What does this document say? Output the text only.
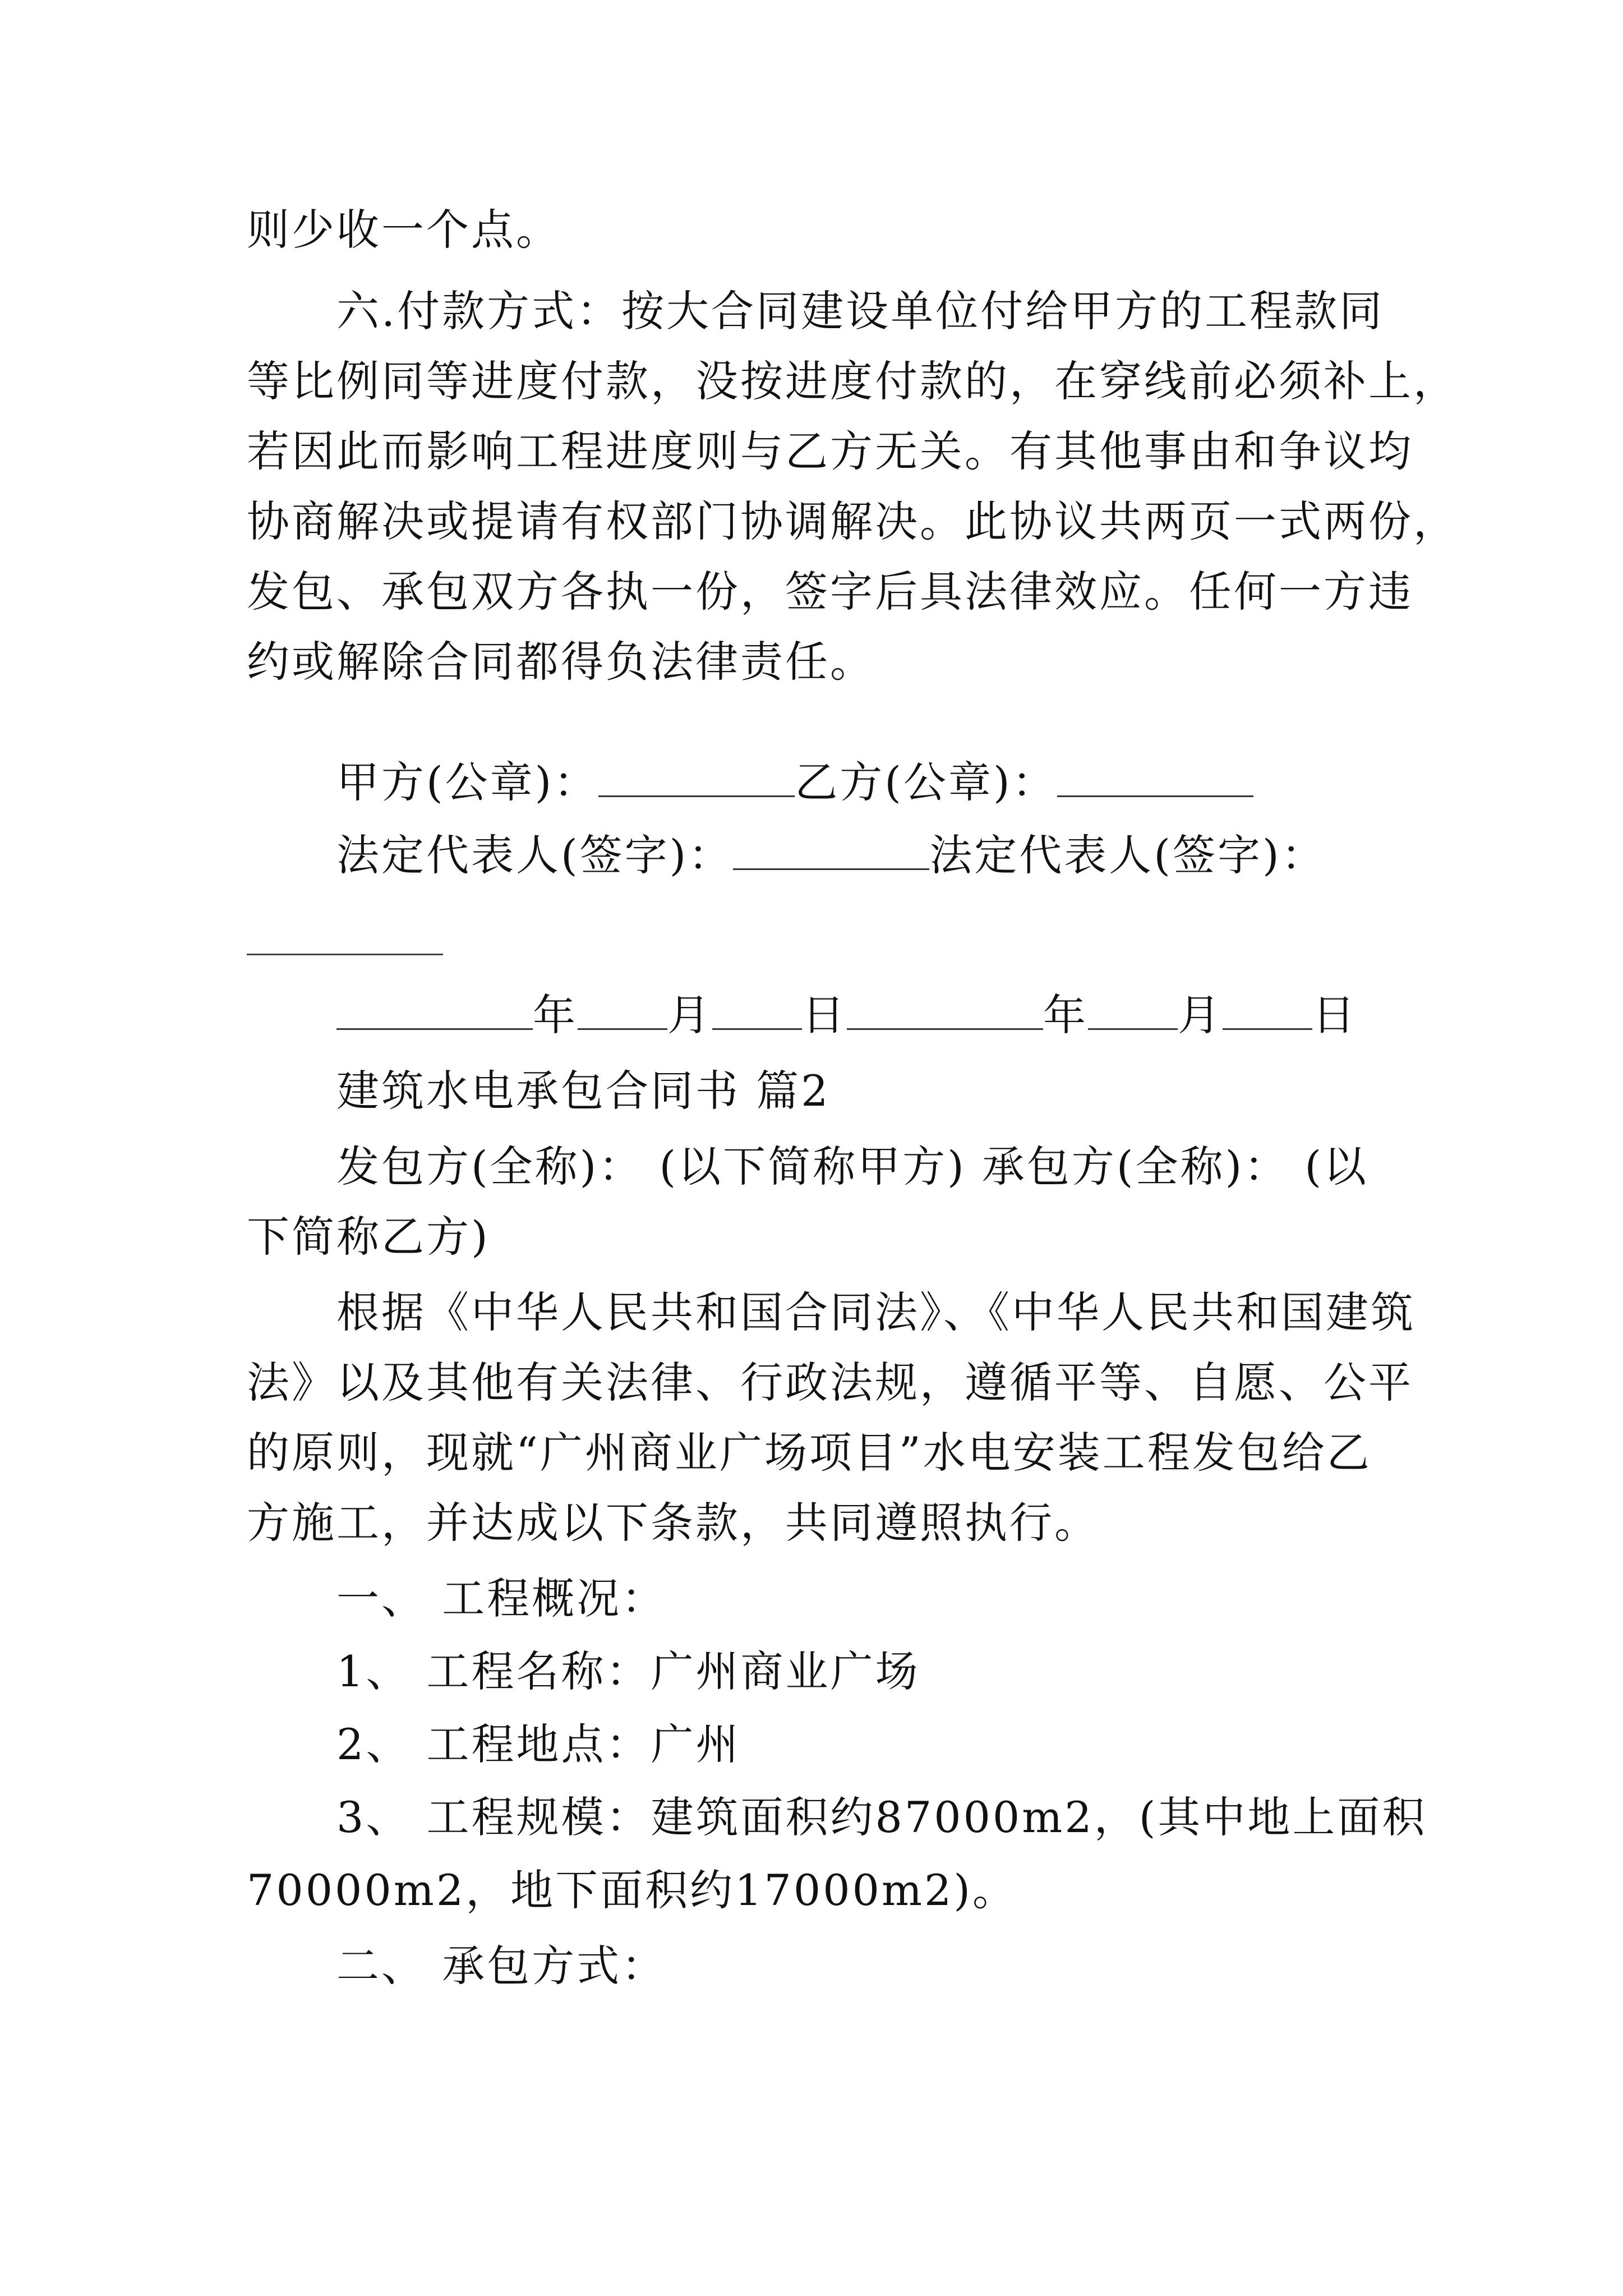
则少收一个点。
六.付款方式：按大合同建设单位付给甲方的工程款同
等比例同等进度付款，没按进度付款的，在穿线前必须补上，
若因此而影响工程进度则与乙方无关。有其他事由和争议均
协商解决或提请有权部门协调解决。此协议共两页一式两份，
发包、承包双方各执一份，签字后具法律效应。任何一方违
约或解除合同都得负法律责任。
甲方(公章)：	乙方(公章)：
法定代表人(签字)：	法定代表人(签字)：
年 月 日	年 月 日
建筑水电承包合同书 篇2
发包方(全称)： (以下简称甲方) 承包方(全称)： (以
下简称乙方)
根据《中华人民共和国合同法》、《中华人民共和国建筑
法》以及其他有关法律、行政法规，遵循平等、自愿、公平
的原则，现就“广州商业广场项目”水电安装工程发包给乙
方施工，并达成以下条款，共同遵照执行。
一、 工程概况：
1、 工程名称：广州商业广场
2、 工程地点：广州
3、 工程规模：建筑面积约87000m2，(其中地上面积
70000m2，地下面积约17000m2)。
二、 承包方式：
